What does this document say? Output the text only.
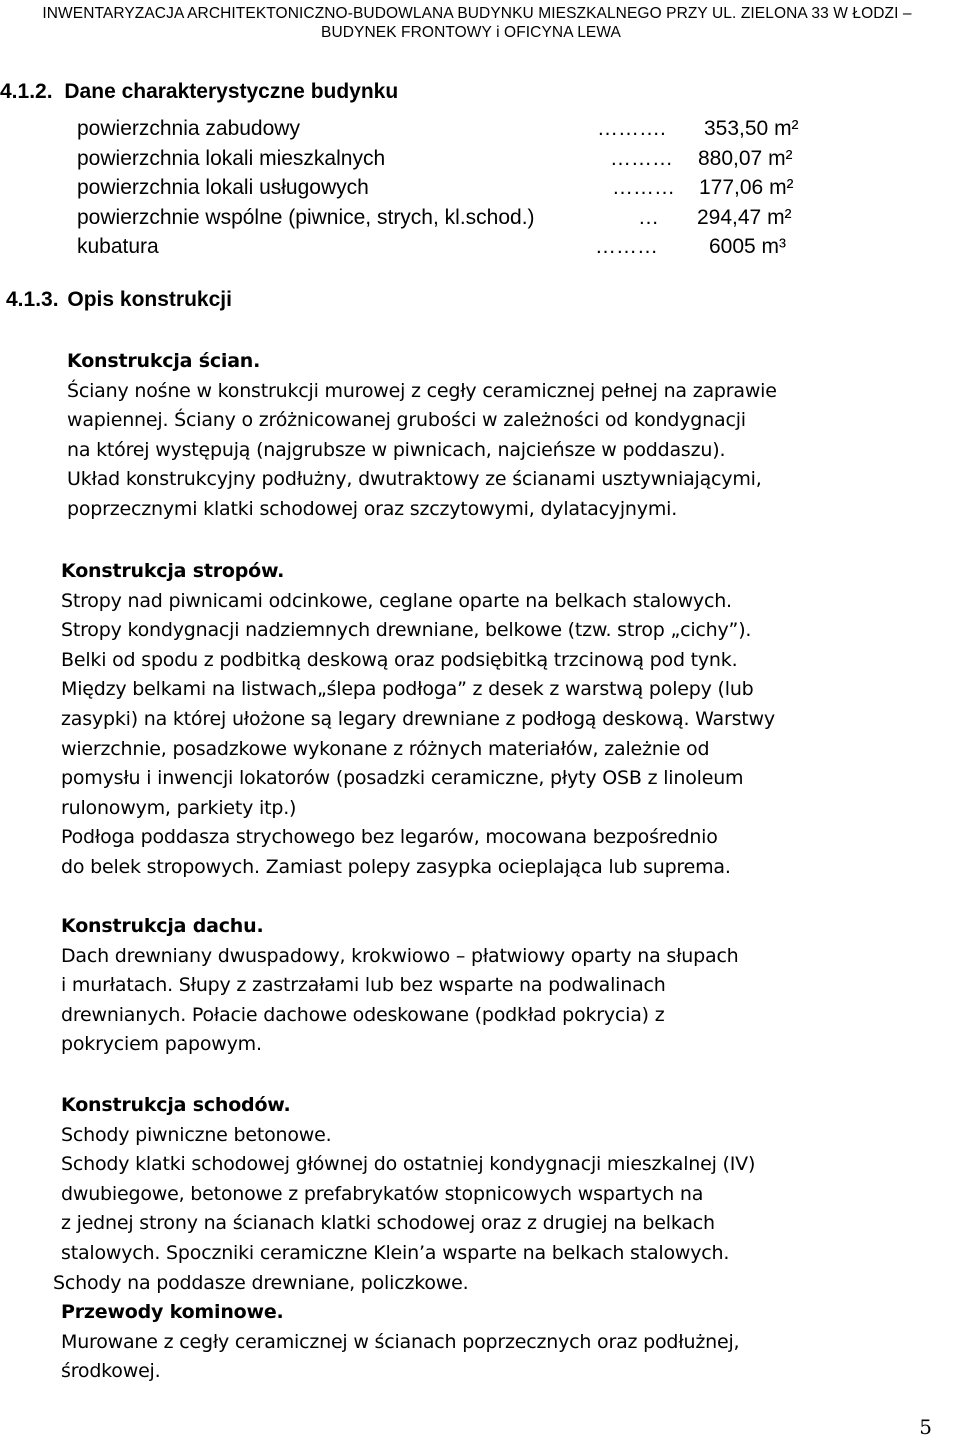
INWENTARYZACJA ARCHITEKTONICZNO-BUDOWLANA BUDYNKU MIESZKALNEGO PRZY UL. ZIELONA 33 W ŁODZI –
BUDYNEK FRONTOWY i OFICYNA LEWA
4.1.2. Dane charakterystyczne budynku
powierzchnia zabudowy	………. 353,50 m²
powierzchnia lokali mieszkalnych	……… 880,07 m²
powierzchnia lokali usługowych	……… 177,06 m²
powierzchnie wspólne (piwnice, strych, kl.schod.)	… 294,47 m²
kubatura	……… 6005 m³
4.1.3. Opis konstrukcji
Konstrukcja ścian.
Ściany nośne w konstrukcji murowej z cegły ceramicznej pełnej na zaprawie
wapiennej. Ściany o zróżnicowanej grubości w zależności od kondygnacji
na której występują (najgrubsze w piwnicach, najcieńsze w poddaszu).
Układ konstrukcyjny podłużny, dwutraktowy ze ścianami usztywniającymi,
poprzecznymi klatki schodowej oraz szczytowymi, dylatacyjnymi.
Konstrukcja stropów.
Stropy nad piwnicami odcinkowe, ceglane oparte na belkach stalowych.
Stropy kondygnacji nadziemnych drewniane, belkowe (tzw. strop „cichy”).
Belki od spodu z podbitką deskową oraz podsiębitką trzcinową pod tynk.
Między belkami na listwach„ślepa podłoga” z desek z warstwą polepy (lub
zasypki) na której ułożone są legary drewniane z podłogą deskową. Warstwy
wierzchnie, posadzkowe wykonane z różnych materiałów, zależnie od
pomysłu i inwencji lokatorów (posadzki ceramiczne, płyty OSB z linoleum
rulonowym, parkiety itp.)
Podłoga poddasza strychowego bez legarów, mocowana bezpośrednio
do belek stropowych. Zamiast polepy zasypka ocieplająca lub suprema.
Konstrukcja dachu.
Dach drewniany dwuspadowy, krokwiowo – płatwiowy oparty na słupach
i murłatach. Słupy z zastrzałami lub bez wsparte na podwalinach
drewnianych. Połacie dachowe odeskowane (podkład pokrycia) z
pokryciem papowym.
Konstrukcja schodów.
Schody piwniczne betonowe.
Schody klatki schodowej głównej do ostatniej kondygnacji mieszkalnej (IV)
dwubiegowe, betonowe z prefabrykatów stopnicowych wspartych na
z jednej strony na ścianach klatki schodowej oraz z drugiej na belkach
stalowych. Spoczniki ceramiczne Klein’a wsparte na belkach stalowych.
Schody na poddasze drewniane, policzkowe.
Przewody kominowe.
Murowane z cegły ceramicznej w ścianach poprzecznych oraz podłużnej,
środkowej.
5
